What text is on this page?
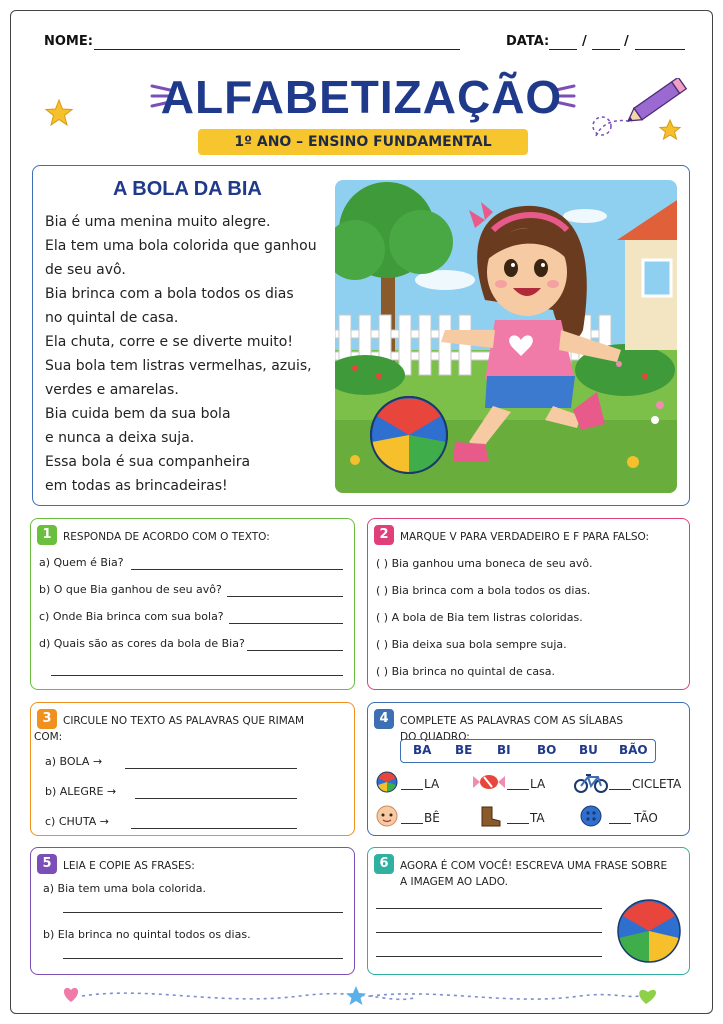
NOME:	DATA:	/	/
ALFABETIZAÇÃO
1º ANO – ENSINO FUNDAMENTAL
A BOLA DA BIA
Bia é uma menina muito alegre.
Ela tem uma bola colorida que ganhou
de seu avô.
Bia brinca com a bola todos os dias
no quintal de casa.
Ela chuta, corre e se diverte muito!
Sua bola tem listras vermelhas, azuis,
verdes e amarelas.
Bia cuida bem da sua bola
e nunca a deixa suja.
Essa bola é sua companheira
em todas as brincadeiras!
1	RESPONDA DE ACORDO COM O TEXTO:
a) Quem é Bia?
b) O que Bia ganhou de seu avô?
c) Onde Bia brinca com sua bola?
d) Quais são as cores da bola de Bia?
2	MARQUE V PARA VERDADEIRO E F PARA FALSO:
( ) Bia ganhou uma boneca de seu avô.
( ) Bia brinca com a bola todos os dias.
( ) A bola de Bia tem listras coloridas.
( ) Bia deixa sua bola sempre suja.
( ) Bia brinca no quintal de casa.
3	CIRCULE NO TEXTO AS PALAVRAS QUE RIMAM
COM:
a) BOLA →
b) ALEGRE →
c) CHUTA →
4	COMPLETE AS PALAVRAS COM AS SÍLABAS
DO QUADRO:
BA BE BI BO BU BÃO
LA	LA	CICLETA
BÊ	TA	TÃO
5	LEIA E COPIE AS FRASES:
a) Bia tem uma bola colorida.
b) Ela brinca no quintal todos os dias.
6	AGORA É COM VOCÊ! ESCREVA UMA FRASE SOBRE
A IMAGEM AO LADO.
